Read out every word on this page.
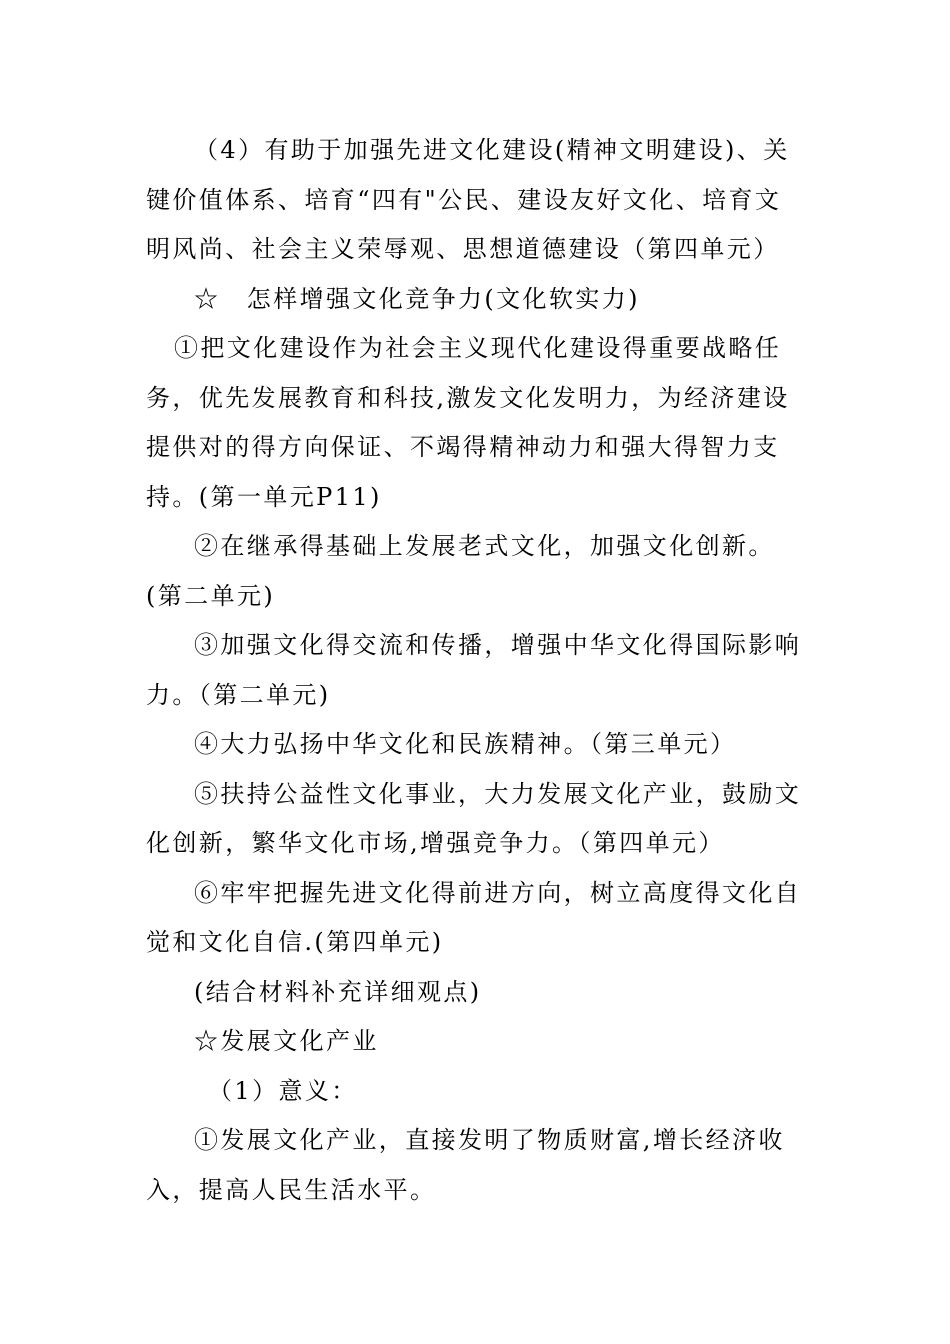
（4）有助于加强先进文化建设(精神文明建设)、关键价值体系、培育“四有"公民、建设友好文化、培育文明风尚、社会主义荣辱观、思想道德建设（第四单元）

☆　怎样增强文化竞争力(文化软实力)

①把文化建设作为社会主义现代化建设得重要战略任务，优先发展教育和科技,激发文化发明力，为经济建设提供对的得方向保证、不竭得精神动力和强大得智力支持。(第一单元P11)

②在继承得基础上发展老式文化，加强文化创新。(第二单元)

③加强文化得交流和传播，增强中华文化得国际影响力。（第二单元)

④大力弘扬中华文化和民族精神。（第三单元）

⑤扶持公益性文化事业，大力发展文化产业，鼓励文化创新，繁华文化市场,增强竞争力。（第四单元）

⑥牢牢把握先进文化得前进方向，树立高度得文化自觉和文化自信.(第四单元)

(结合材料补充详细观点)

☆发展文化产业

（1）意义：

①发展文化产业，直接发明了物质财富,增长经济收入，提高人民生活水平。
